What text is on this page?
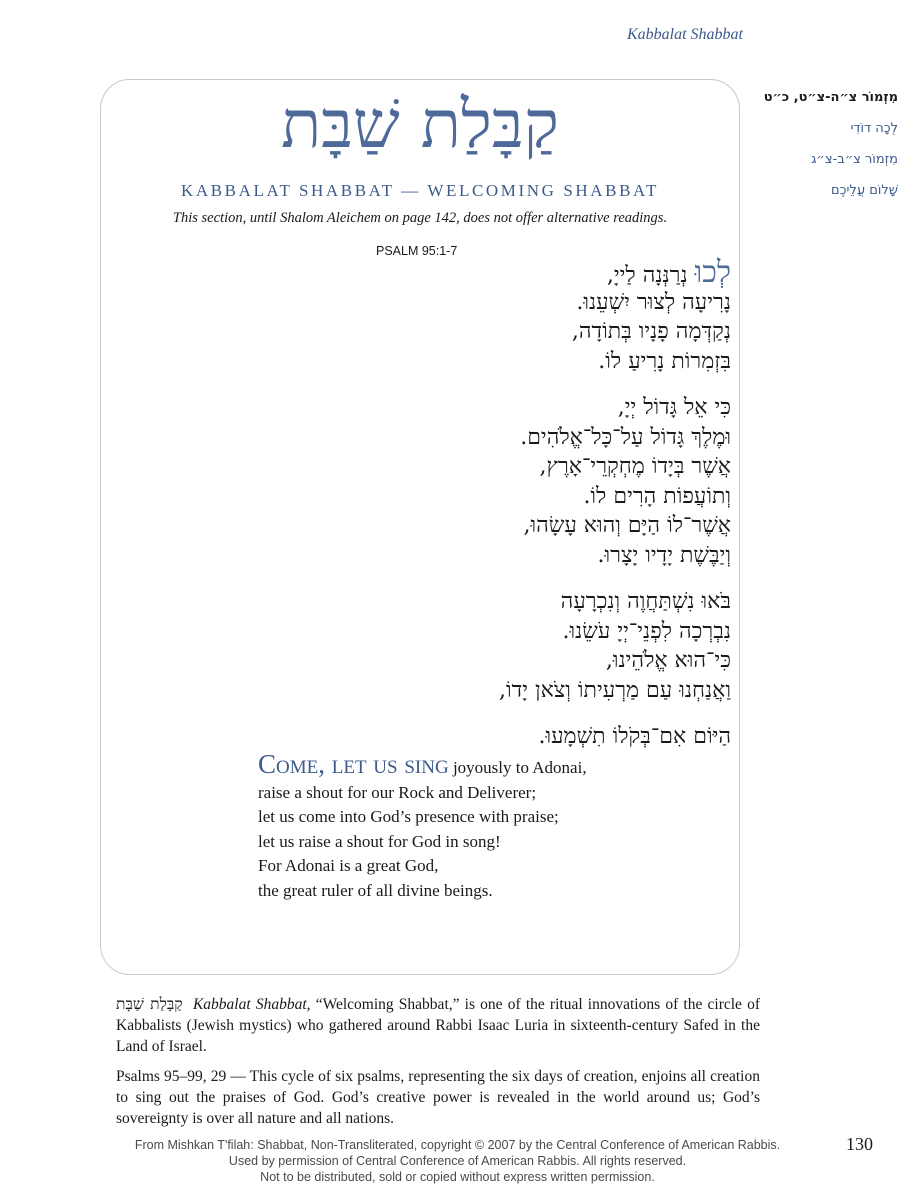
Kabbalat Shabbat
מִזְמוֹר צ״ה-צ״ט, כ״ט
לְכָה דוֹדִי
מִזְמוֹר צ״ב-צ״ג
שָׁלוֹם עֲלֵיכֶם
קַבָּלַת שַׁבָּת
KABBALAT SHABBAT — WELCOMING SHABBAT
This section, until Shalom Aleichem on page 142, does not offer alternative readings.
PSALM 95:1-7
לְכוּ נְרַנְּנָה לַייָ,
נָרִיעָה לְצוּר יִשְׁעֵנוּ.
נְקַדְּמָה פָנָיו בְּתוֹדָה,
בִּזְמִרוֹת נָרִיעַ לוֹ.
כִּי אֵל גָּדוֹל יְיָ,
וּמֶלֶךְ גָּדוֹל עַל־כָּל־אֱלֹהִים.
אֲשֶׁר בְּיָדוֹ מֶחְקְרֵי־אָרֶץ,
וְתוֹעֲפוֹת הָרִים לוֹ.
אֲשֶׁר־לוֹ הַיָּם וְהוּא עָשָׂהוּ,
וְיַבֶּשֶׁת יָדָיו יָצָרוּ.
בֹּאוּ נִשְׁתַּחֲוֶה וְנִכְרָעָה
נִבְרְכָה לִפְנֵי־יְיָ עֹשֵׂנוּ.
כִּי־הוּא אֱלֹהֵינוּ,
וַאֲנַחְנוּ עַם מַרְעִיתוֹ וְצֹאן יָדוֹ,
הַיּוֹם אִם־בְּקֹלוֹ תִשְׁמָעוּ.
Come, let us sing joyously to Adonai,
raise a shout for our Rock and Deliverer;
let us come into God’s presence with praise;
let us raise a shout for God in song!
For Adonai is a great God,
the great ruler of all divine beings.

קַבָּלַת שַׁבָּת Kabbalat Shabbat, “Welcoming Shabbat,” is one of the ritual innovations of the circle of Kabbalists (Jewish mystics) who gathered around Rabbi Isaac Luria in sixteenth-century Safed in the Land of Israel.

Psalms 95–99, 29 — This cycle of six psalms, representing the six days of creation, enjoins all creation to sing out the praises of God. God’s creative power is revealed in the world around us; God’s sovereignty is over all nature and all nations.

From Mishkan T'filah: Shabbat, Non-Transliterated, copyright © 2007 by the Central Conference of American Rabbis.
Used by permission of Central Conference of American Rabbis. All rights reserved.
Not to be distributed, sold or copied without express written permission.
130
